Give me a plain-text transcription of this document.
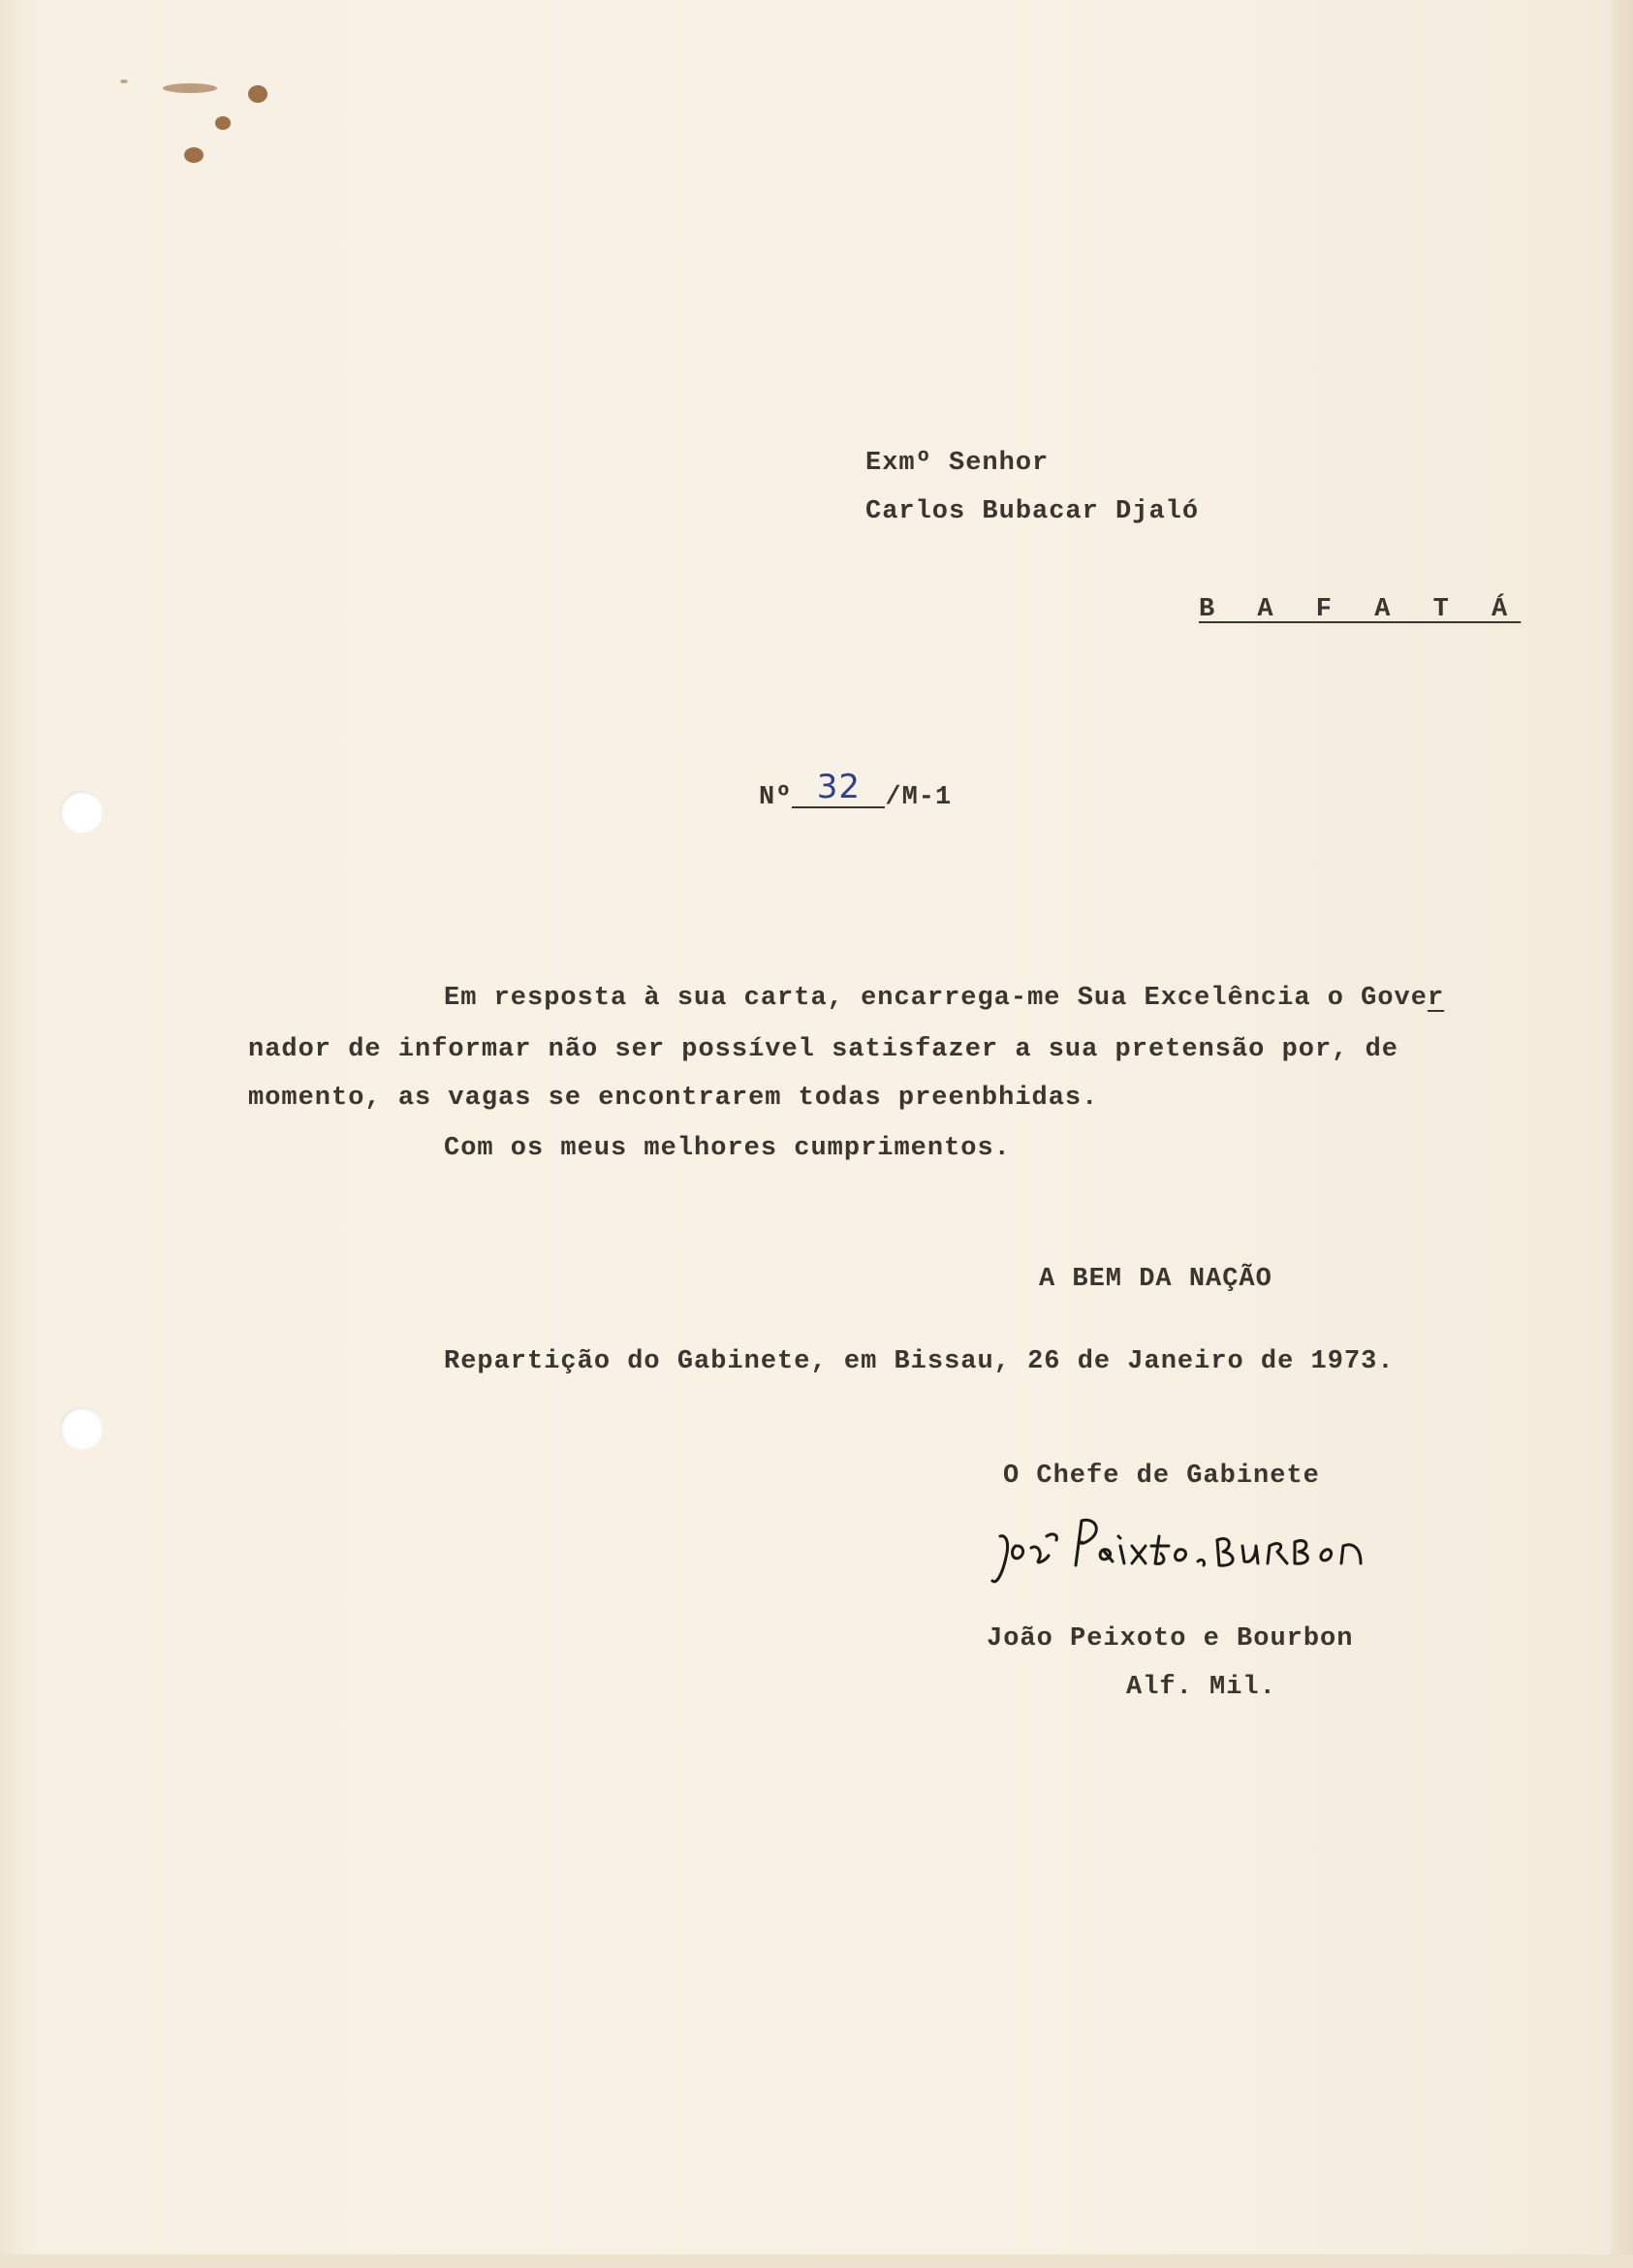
Exmº Senhor
Carlos Bubacar Djaló
B A F A T Á
Nº 32 /M-1
Em resposta à sua carta, encarrega-me Sua Excelência o Gover
nador de informar não ser possível satisfazer a sua pretensão por, de
momento, as vagas se encontrarem todas preenbhidas.
Com os meus melhores cumprimentos.
A BEM DA NAÇÃO
Repartição do Gabinete, em Bissau, 26 de Janeiro de 1973.
O Chefe de Gabinete
João Peixoto e Bourbon
Alf. Mil.
